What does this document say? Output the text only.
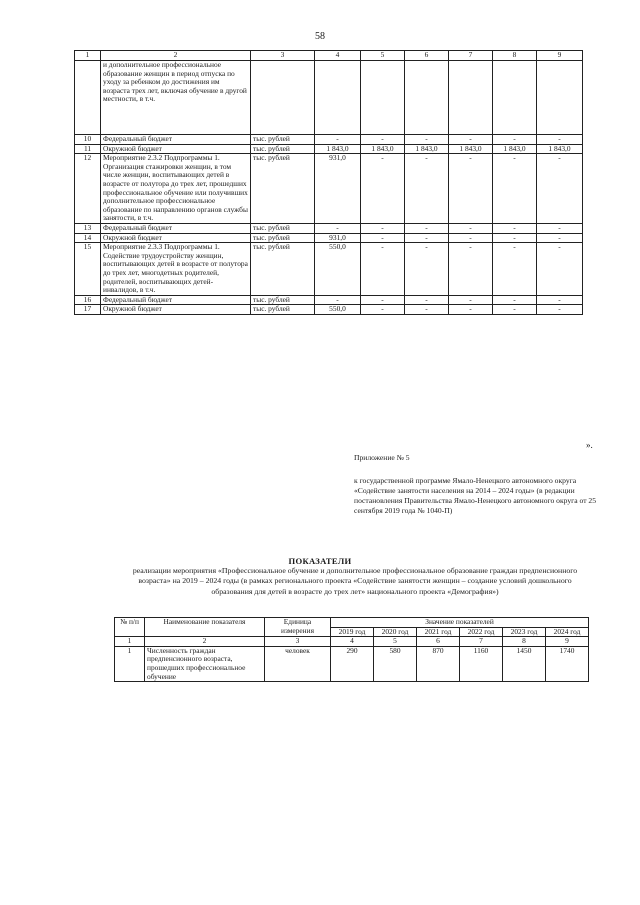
58
1	2	3	4	5	6	7	8	9
	и дополнительное профессиональное образование женщин в период отпуска по уходу за ребенком до достижения им возраста трех лет, включая обучение в другой местности, в т.ч.							
10	Федеральный бюджет	тыс. рублей	-	-	-	-	-	-
11	Окружной бюджет	тыс. рублей	1 843,0	1 843,0	1 843,0	1 843,0	1 843,0	1 843,0
12	Мероприятие 2.3.2 Подпрограммы 1. Организация стажировки женщин, в том числе женщин, воспитывающих детей в возрасте от полутора до трех лет, прошедших профессиональное обучение или получивших дополнительное профессиональное образование по направлению органов службы занятости, в т.ч.	тыс. рублей	931,0	-	-	-	-	-
13	Федеральный бюджет	тыс. рублей	-	-	-	-	-	-
14	Окружной бюджет	тыс. рублей	931,0	-	-	-	-	-
15	Мероприятие 2.3.3 Подпрограммы 1. Содействие трудоустройству женщин, воспитывающих детей в возрасте от полутора до трех лет, многодетных родителей, родителей, воспитывающих детей-инвалидов, в т.ч.	тыс. рублей	550,0	-	-	-	-	-
16	Федеральный бюджет	тыс. рублей	-	-	-	-	-	-
17	Окружной бюджет	тыс. рублей	550,0	-	-	-	-	-
».
Приложение № 5
к государственной программе Ямало-Ненецкого автономного округа «Содействие занятости населения на 2014 – 2024 годы» (в редакции постановления Правительства Ямало-Ненецкого автономного округа от 25 сентября 2019 года № 1040-П)
ПОКАЗАТЕЛИ
реализации мероприятия «Профессиональное обучение и дополнительное профессиональное образование граждан предпенсионного возраста» на 2019 – 2024 годы (в рамках регионального проекта «Содействие занятости женщин – создание условий дошкольного образования для детей в возрасте до трех лет» национального проекта «Демография»)
№ п/п	Наименование показателя	Единица измерения	Значение показателей					
			2019 год	2020 год	2021 год	2022 год	2023 год	2024 год
1	2	3	4	5	6	7	8	9
1	Численность граждан предпенсионного возраста, прошедших профессиональное обучение	человек	290	580	870	1160	1450	1740
